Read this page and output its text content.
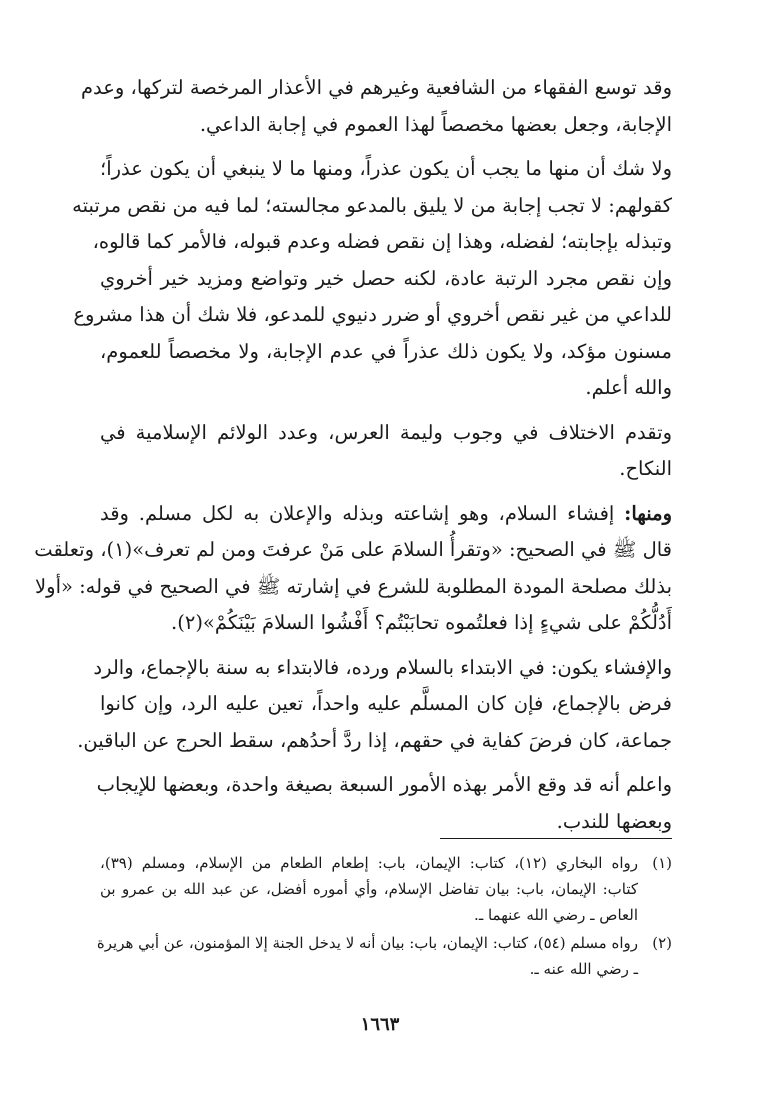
وقد توسع الفقهاء من الشافعية وغيرهم في الأعذار المرخصة لتركها، وعدم
الإجابة، وجعل بعضها مخصصاً لهذا العموم في إجابة الداعي.

ولا شك أن منها ما يجب أن يكون عذراً، ومنها ما لا ينبغي أن يكون عذراً؛
كقولهم: لا تجب إجابة من لا يليق بالمدعو مجالسته؛ لما فيه من نقص مرتبته
وتبذله بإجابته؛ لفضله، وهذا إن نقص فضله وعدم قبوله، فالأمر كما قالوه،
وإن نقص مجرد الرتبة عادة، لكنه حصل خير وتواضع ومزيد خير أخروي
للداعي من غير نقص أخروي أو ضرر دنيوي للمدعو، فلا شك أن هذا مشروع
مسنون مؤكد، ولا يكون ذلك عذراً في عدم الإجابة، ولا مخصصاً للعموم،
والله أعلم.

وتقدم الاختلاف في وجوب وليمة العرس، وعدد الولائم الإسلامية في
النكاح.

ومنها: إفشاء السلام، وهو إشاعته وبذله والإعلان به لكل مسلم. وقد
قال ﷺ في الصحيح: «وتقرأُ السلامَ على مَنْ عرفتَ ومن لم تعرف»(١)، وتعلقت
بذلك مصلحة المودة المطلوبة للشرع في إشارته ﷺ في الصحيح في قوله: «أولا
أَدُلُّكُمْ على شيءٍ إذا فعلتُموه تحابَبْتُم؟ أَفْشُوا السلامَ بَيْنَكُمْ»(٢).

والإفشاء يكون: في الابتداء بالسلام ورده، فالابتداء به سنة بالإجماع، والرد
فرض بالإجماع، فإن كان المسلَّم عليه واحداً، تعين عليه الرد، وإن كانوا
جماعة، كان فرضَ كفاية في حقهم، إذا ردَّ أحدُهم، سقط الحرج عن الباقين.

واعلم أنه قد وقع الأمر بهذه الأمور السبعة بصيغة واحدة، وبعضها للإيجاب
وبعضها للندب.

(١)
رواه البخاري (١٢)، كتاب: الإيمان، باب: إطعام الطعام من الإسلام، ومسلم (٣٩)،
كتاب: الإيمان، باب: بيان تفاضل الإسلام، وأي أموره أفضل، عن عبد الله بن عمرو بن
العاص ـ رضي الله عنهما ـ.
(٢)
رواه مسلم (٥٤)، كتاب: الإيمان، باب: بيان أنه لا يدخل الجنة إلا المؤمنون، عن أبي هريرة
ـ رضي الله عنه ـ.
١٦٦٣
